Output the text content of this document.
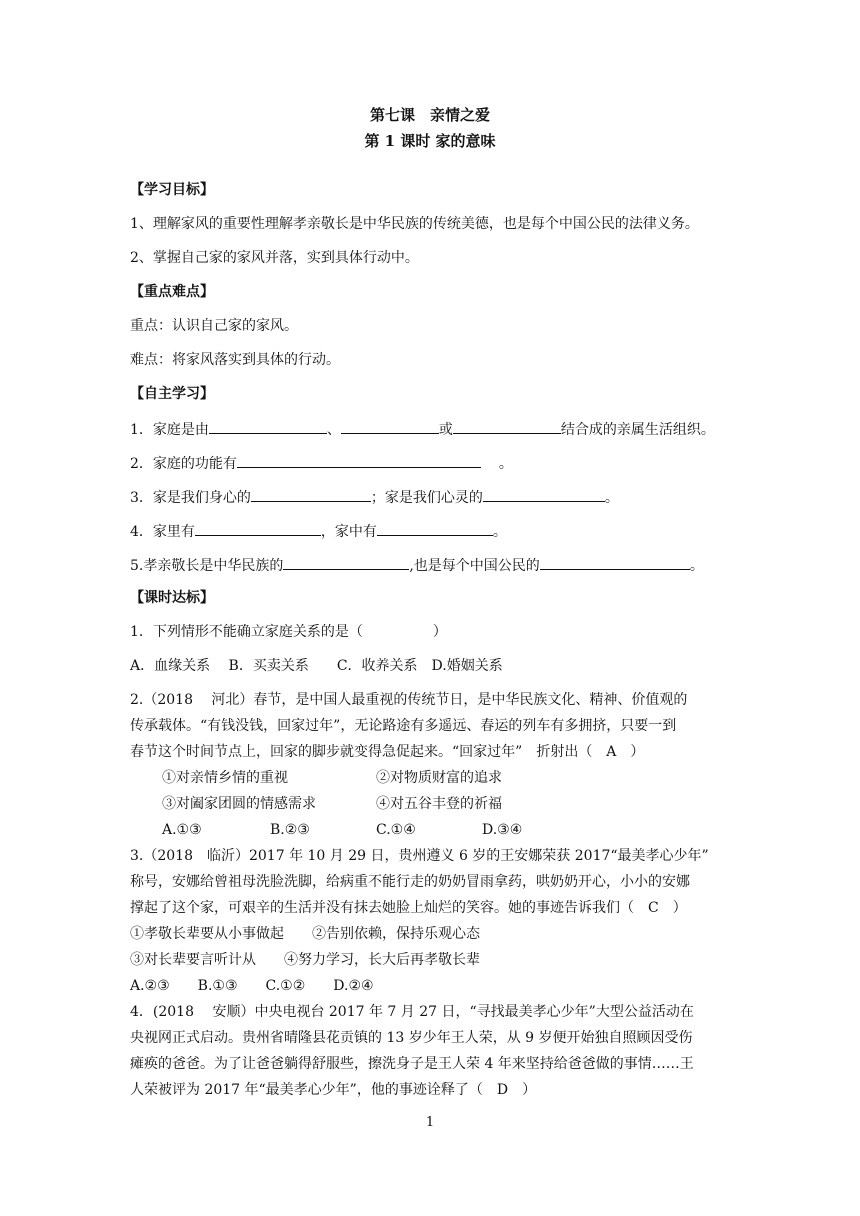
第七课　亲情之爱
第 1 课时 家的意味
【学习目标】
1、理解家风的重要性理解孝亲敬长是中华民族的传统美德，也是每个中国公民的法律义务。
2、掌握自己家的家风并落，实到具体行动中。
【重点难点】
重点：认识自己家的家风。
难点：将家风落实到具体的行动。
【自主学习】
1．家庭是由	、	或	结合成的亲属生活组织。
2．家庭的功能有	。
3．家是我们身心的	；家是我们心灵的	。
4．家里有	，家中有	。
5.孝亲敬长是中华民族的	,也是每个中国公民的	。
【课时达标】
1．下列情形不能确立家庭关系的是（　　　　　）
A．血缘关系　 B．买卖关系　　C．收养关系　D.婚姻关系
2.（2018　 河北）春节，是中国人最重视的传统节日，是中华民族文化、精神、价值观的
传承载体。“有钱没钱，回家过年”，无论路途有多遥远、春运的列车有多拥挤，只要一到
春节这个时间节点上，回家的脚步就变得急促起来。“回家过年”　折射出（　A　）
①对亲情乡情的重视	②对物质财富的追求
③对阖家团圆的情感需求	④对五谷丰登的祈福
A.①③	B.②③	C.①④	D.③④
3.（2018　临沂）2017 年 10 月 29 日，贵州遵义 6 岁的王安娜荣获 2017“最美孝心少年”
称号，安娜给曾祖母洗脸洗脚，给病重不能行走的奶奶冒雨拿药，哄奶奶开心，小小的安娜
撑起了这个家，可艰辛的生活并没有抹去她脸上灿烂的笑容。她的事迹告诉我们（　C　）
①孝敬长辈要从小事做起　　②告别依赖，保持乐观心态
③对长辈要言听计从　　④努力学习，长大后再孝敬长辈
A.②③　　B.①③　　C.①②　　D.②④
4．(2018　 安顺）中央电视台 2017 年 7 月 27 日，“寻找最美孝心少年”大型公益活动在
央视网正式启动。贵州省晴隆县花贡镇的 13 岁少年王人荣，从 9 岁便开始独自照顾因受伤
瘫痪的爸爸。为了让爸爸躺得舒服些，擦洗身子是王人荣 4 年来坚持给爸爸做的事情……王
人荣被评为 2017 年“最美孝心少年”，他的事迹诠释了（　D　）
1
